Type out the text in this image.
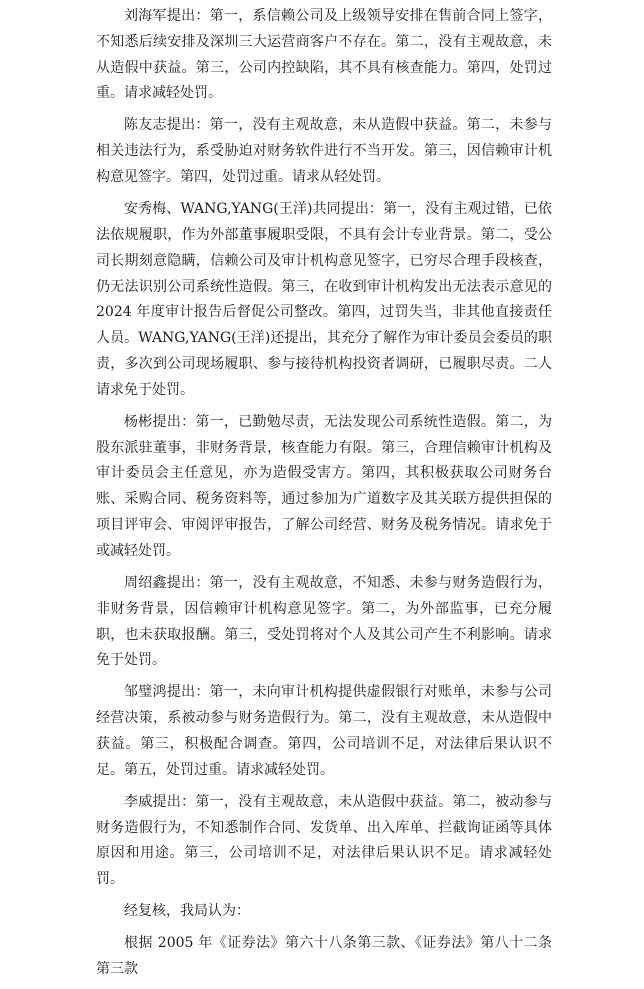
刘海军提出：第一，系信赖公司及上级领导安排在售前合同上签字，不知悉后续安排及深圳三大运营商客户不存在。第二，没有主观故意，未从造假中获益。第三，公司内控缺陷，其不具有核查能力。第四，处罚过重。请求减轻处罚。

陈友志提出：第一，没有主观故意，未从造假中获益。第二，未参与相关违法行为，系受胁迫对财务软件进行不当开发。第三，因信赖审计机构意见签字。第四，处罚过重。请求从轻处罚。

安秀梅、WANG,YANG(王洋)共同提出：第一，没有主观过错，已依法依规履职，作为外部董事履职受限，不具有会计专业背景。第二，受公司长期刻意隐瞒，信赖公司及审计机构意见签字，已穷尽合理手段核查，仍无法识别公司系统性造假。第三，在收到审计机构发出无法表示意见的 2024 年度审计报告后督促公司整改。第四，过罚失当，非其他直接责任人员。WANG,YANG(王洋)还提出，其充分了解作为审计委员会委员的职责，多次到公司现场履职、参与接待机构投资者调研，已履职尽责。二人请求免于处罚。

杨彬提出：第一，已勤勉尽责，无法发现公司系统性造假。第二，为股东派驻董事，非财务背景，核查能力有限。第三，合理信赖审计机构及审计委员会主任意见，亦为造假受害方。第四，其积极获取公司财务台账、采购合同、税务资料等，通过参加为广道数字及其关联方提供担保的项目评审会、审阅评审报告，了解公司经营、财务及税务情况。请求免于或减轻处罚。

周绍鑫提出：第一，没有主观故意，不知悉、未参与财务造假行为，非财务背景，因信赖审计机构意见签字。第二，为外部监事，已充分履职，也未获取报酬。第三，受处罚将对个人及其公司产生不利影响。请求免于处罚。

邹璧鸿提出：第一，未向审计机构提供虚假银行对账单，未参与公司经营决策，系被动参与财务造假行为。第二，没有主观故意，未从造假中获益。第三，积极配合调查。第四，公司培训不足，对法律后果认识不足。第五，处罚过重。请求减轻处罚。

李威提出：第一，没有主观故意，未从造假中获益。第二，被动参与财务造假行为，不知悉制作合同、发货单、出入库单、拦截询证函等具体原因和用途。第三，公司培训不足，对法律后果认识不足。请求减轻处罚。

经复核，我局认为：

根据 2005 年《证券法》第六十八条第三款、《证券法》第八十二条第三款
